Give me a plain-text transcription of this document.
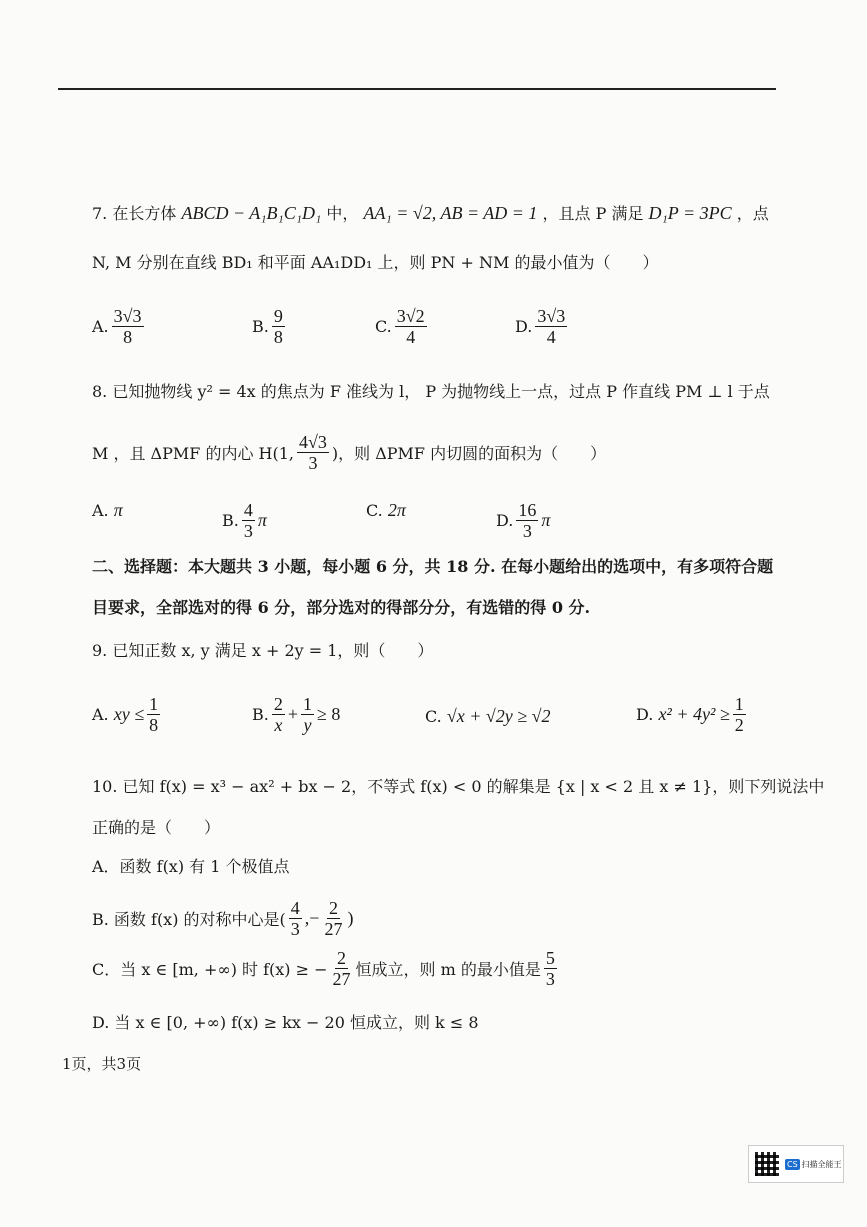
7. 在长方体 ABCD − A₁B₁C₁D₁ 中， AA₁ = √2, AB = AD = 1 ，且点 P 满足 D₁P = 3PC ，点
N, M 分别在直线 BD₁ 和平面 AA₁DD₁ 上，则 PN + NM 的最小值为（　　）
A. $\frac{3√3}{8}$	B. $\frac{9}{8}$	C. $\frac{3√2}{4}$	D. $\frac{3√3}{4}$
8. 已知抛物线 y² = 4x 的焦点为 F 准线为 l， P 为抛物线上一点，过点 P 作直线 PM ⊥ l 于点
M ，且 ΔPMF 的内心 H(1, $\frac{4√3}{3}$ )，则 ΔPMF 内切圆的面积为（　　）
A.
π
B. $\frac{4}{3}$ π	C.
2π
D. $\frac{16}{3}$ π
二、选择题：本大题共 3 小题，每小题 6 分，共 18 分. 在每小题给出的选项中，有多项符合题
目要求，全部选对的得 6 分，部分选对的得部分分，有选错的得 0 分.
9. 已知正数 x, y 满足 x + 2y = 1，则（　　）
A.
xy ≤ $\frac{1}{8}$	B. $\frac{2}{x} + \frac{1}{y} \ge 8$	C.
√x + √2y ≥ √2	D.
$x^2 + 4y^2 \ge \frac{1}{2}$
10. 已知 f(x) = x³ − ax² + bx − 2，不等式 f(x) < 0 的解集是 {x | x < 2 且 x ≠ 1}，则下列说法中
正确的是（　　）
A．函数 f(x) 有 1 个极值点
B. 函数 f(x) 的对称中心是( $\frac{4}{3}$ ,− $\frac{2}{27}$ )
C．当 x ∈ [m, +∞) 时 f(x) ≥ − $\frac{2}{27}$ 恒成立，则 m 的最小值是 $\frac{5}{3}$
D. 当 x ∈ [0, +∞) f(x) ≥ kx − 20 恒成立，则 k ≤ 8
1页，共3页
CS 扫描全能王
